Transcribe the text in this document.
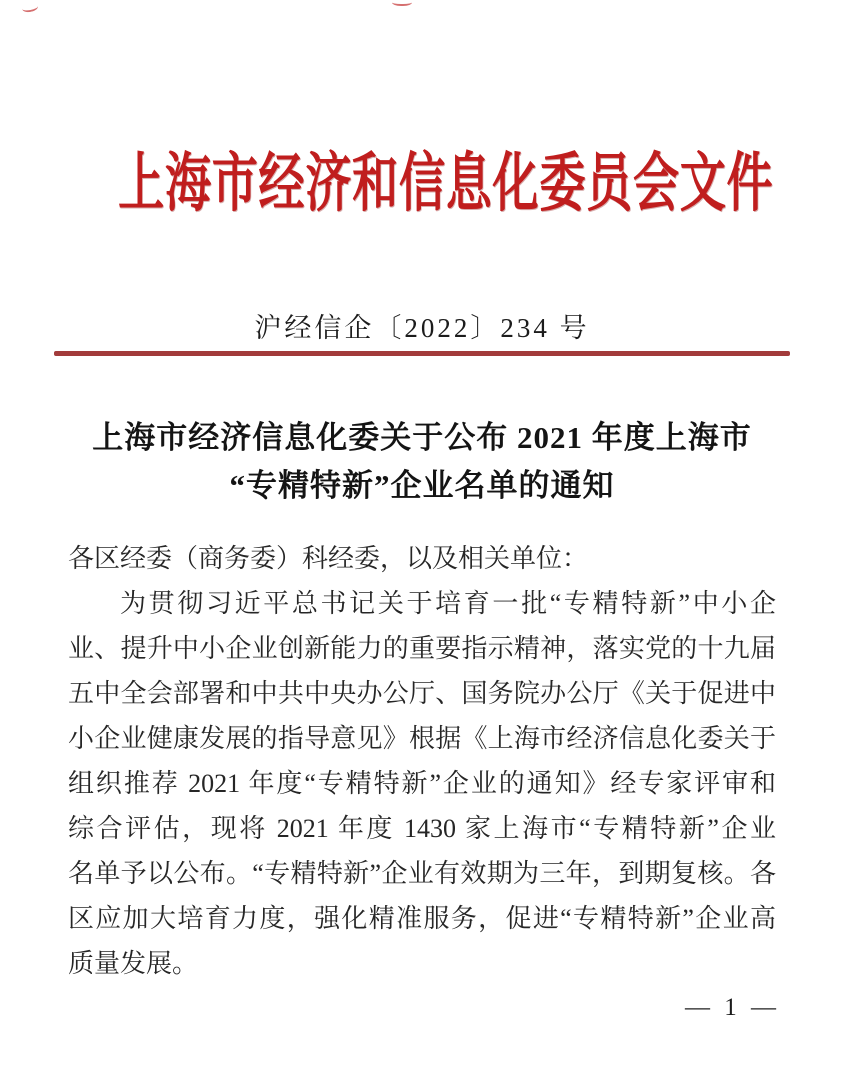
上海市经济和信息化委员会文件
沪经信企〔2022〕234 号
上海市经济信息化委关于公布 2021 年度上海市
“专精特新”企业名单的通知
各区经委（商务委）科经委，以及相关单位：
为贯彻习近平总书记关于培育一批“专精特新”中小企
业、提升中小企业创新能力的重要指示精神，落实党的十九届
五中全会部署和中共中央办公厅、国务院办公厅《关于促进中
小企业健康发展的指导意见》根据《上海市经济信息化委关于
组织推荐 2021 年度“专精特新”企业的通知》经专家评审和
综合评估，现将 2021 年度 1430 家上海市“专精特新”企业
名单予以公布。“专精特新”企业有效期为三年，到期复核。各
区应加大培育力度，强化精准服务，促进“专精特新”企业高
质量发展。
— 1 —
